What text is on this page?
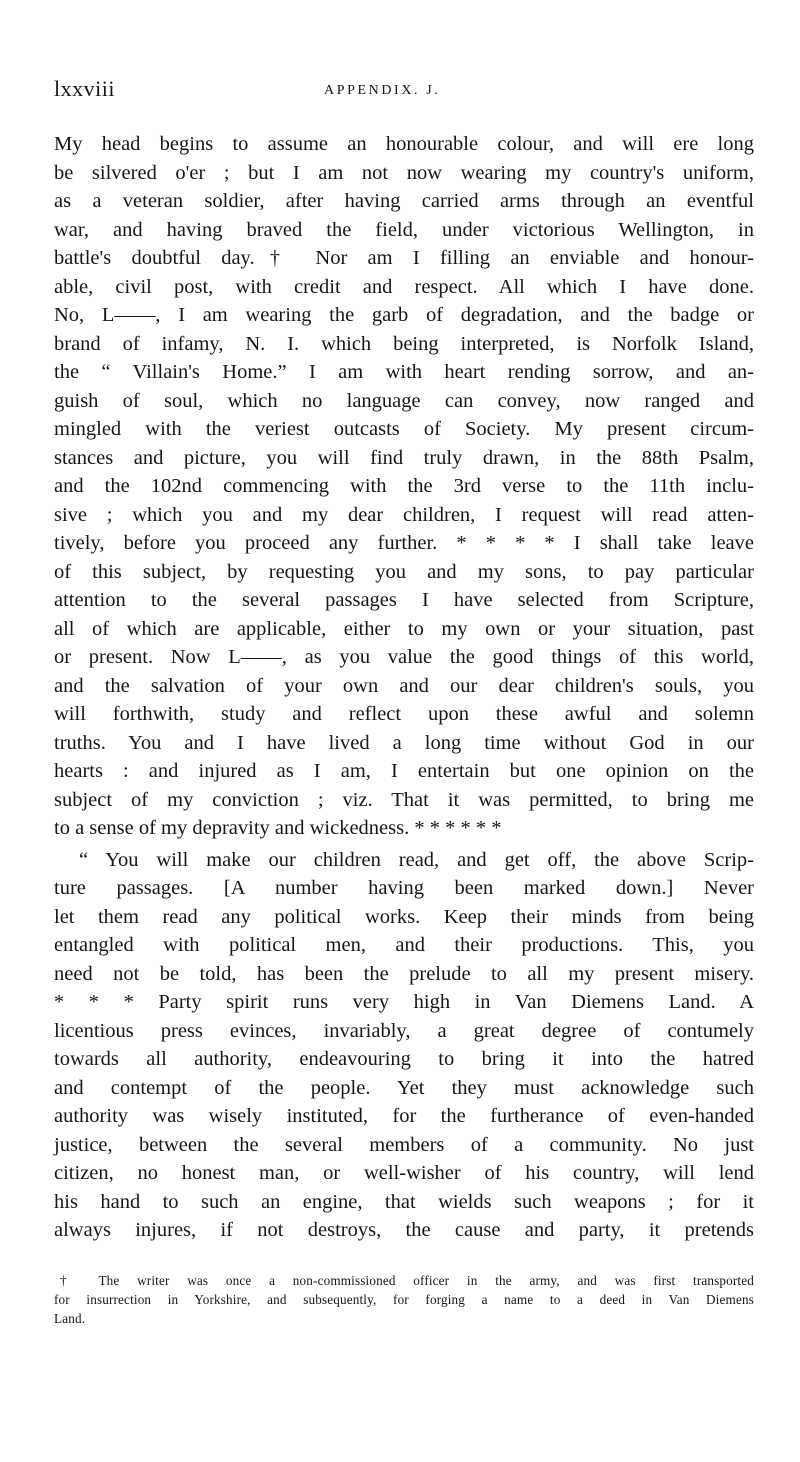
lxxviii	APPENDIX. J.
My head begins to assume an honourable colour, and will ere long
be silvered o'er ; but I am not now wearing my country's uniform,
as a veteran soldier, after having carried arms through an eventful
war, and having braved the field, under victorious Wellington, in
battle's doubtful day.† Nor am I filling an enviable and honour-
able, civil post, with credit and respect. All which I have done.
No, L——, I am wearing the garb of degradation, and the badge or
brand of infamy, N. I. which being interpreted, is Norfolk Island,
the “ Villain's Home.” I am with heart rending sorrow, and an-
guish of soul, which no language can convey, now ranged and
mingled with the veriest outcasts of Society. My present circum-
stances and picture, you will find truly drawn, in the 88th Psalm,
and the 102nd commencing with the 3rd verse to the 11th inclu-
sive ; which you and my dear children, I request will read atten-
tively, before you proceed any further. * * * * I shall take leave
of this subject, by requesting you and my sons, to pay particular
attention to the several passages I have selected from Scripture,
all of which are applicable, either to my own or your situation, past
or present. Now L——, as you value the good things of this world,
and the salvation of your own and our dear children's souls, you
will forthwith, study and reflect upon these awful and solemn
truths. You and I have lived a long time without God in our
hearts : and injured as I am, I entertain but one opinion on the
subject of my conviction ; viz. That it was permitted, to bring me
to a sense of my depravity and wickedness. * * * * * *
“ You will make our children read, and get off, the above Scrip-
ture passages. [A number having been marked down.] Never
let them read any political works. Keep their minds from being
entangled with political men, and their productions. This, you
need not be told, has been the prelude to all my present misery.
* * * Party spirit runs very high in Van Diemens Land. A
licentious press evinces, invariably, a great degree of contumely
towards all authority, endeavouring to bring it into the hatred
and contempt of the people. Yet they must acknowledge such
authority was wisely instituted, for the furtherance of even-handed
justice, between the several members of a community. No just
citizen, no honest man, or well-wisher of his country, will lend
his hand to such an engine, that wields such weapons ; for it
always injures, if not destroys, the cause and party, it pretends
† The writer was once a non-commissioned officer in the army, and was first transported
for insurrection in Yorkshire, and subsequently, for forging a name to a deed in Van Diemens
Land.
